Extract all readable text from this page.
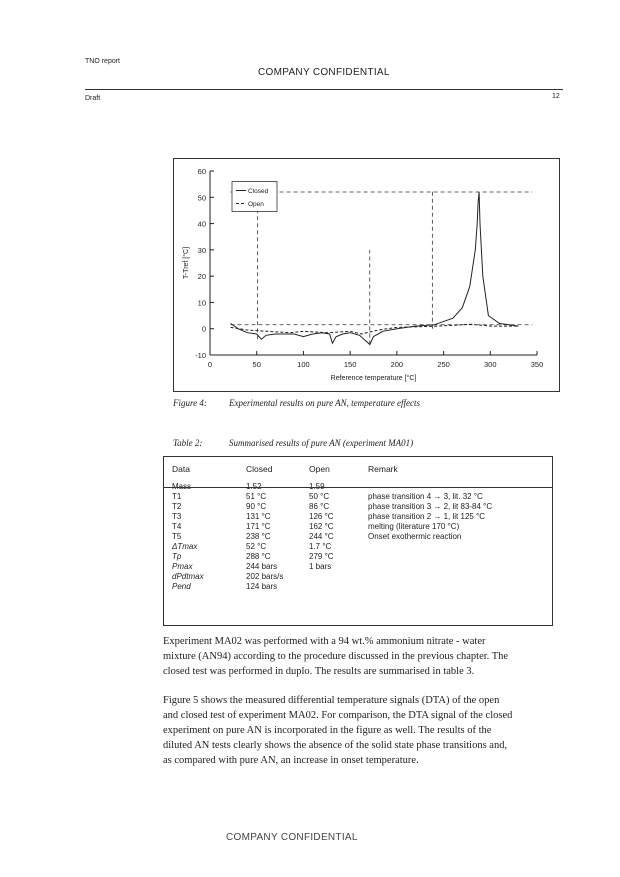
TNO report
COMPANY CONFIDENTIAL
Draft	12
0	50	100	150	200	250	300	350
-10
0
10
20
30
40
50
60
Reference temperature [°C]
T-Tref [°C]
Closed
Open
Figure 4: Experimental results on pure AN, temperature effects
Table 2:	Summarised results of pure AN (experiment MA01)
Data	Closed	Open	Remark
Mass	1.52	1.59	
T1	51 °C	50 °C	phase transition 4 → 3, lit. 32 °C
T2	90 °C	86 °C	phase transition 3 → 2, lit 83-84 °C
T3	131 °C	126 °C	phase transition 2 → 1, lit 125 °C
T4	171 °C	162 °C	melting (literature 170 °C)
T5	238 °C	244 °C	Onset exothermic reaction
ΔTmax	52 °C	1.7 °C	
Tp	288 °C	279 °C	
Pmax	244 bars	1 bars	
dPdtmax	202 bars/s		
Pend	124 bars		
Experiment MA02 was performed with a 94 wt.% ammonium nitrate - water
mixture (AN94) according to the procedure discussed in the previous chapter. The
closed test was performed in duplo. The results are summarised in table 3.
Figure 5 shows the measured differential temperature signals (DTA) of the open
and closed test of experiment MA02. For comparison, the DTA signal of the closed
experiment on pure AN is incorporated in the figure as well. The results of the
diluted AN tests clearly shows the absence of the solid state phase transitions and,
as compared with pure AN, an increase in onset temperature.
COMPANY CONFIDENTIAL
